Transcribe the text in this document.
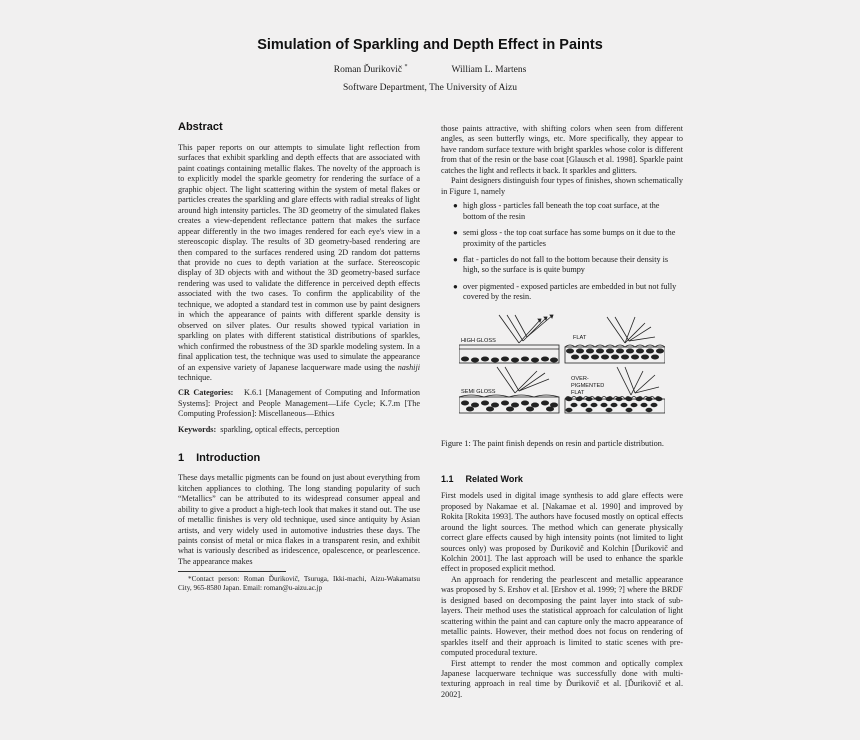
Simulation of Sparkling and Depth Effect in Paints
Roman Ďurikovič *	William L. Martens
Software Department, The University of Aizu
Abstract

This paper reports on our attempts to simulate light reflection from surfaces that exhibit sparkling and depth effects that are associated with paint coatings containing metallic flakes. The novelty of the approach is to explicitly model the sparkle geometry for rendering the surface of a graphic object. The light scattering within the system of metal flakes or particles creates the sparkling and glare effects with radial streaks of light around high intensity particles. The 3D geometry of the simulated flakes creates a view-dependent reflectance pattern that makes the surface appear differently in the two images rendered for each eye's view in a stereoscopic display. The results of 3D geometry-based rendering are then compared to the surfaces rendered using 2D random dot patterns that provide no cues to depth variation at the surface. Stereoscopic display of 3D objects with and without the 3D geometry-based surface rendering was used to validate the difference in perceived depth effects associated with the two cases. To confirm the applicability of the technique, we adopted a standard test in common use by paint designers in which the appearance of paints with different sparkle density is observed on silver plates. Our results showed typical variation in sparkling on plates with different statistical distributions of sparkles, which confirmed the robustness of the 3D sparkle modeling system. In a final application test, the technique was used to simulate the appearance of an expensive variety of Japanese lacquerware made using the nashiji technique.

CR Categories: K.6.1 [Management of Computing and Information Systems]: Project and People Management—Life Cycle; K.7.m [The Computing Profession]: Miscellaneous—Ethics

Keywords: sparkling, optical effects, perception

1 Introduction

These days metallic pigments can be found on just about everything from kitchen appliances to clothing. The long standing popularity of such “Metallics” can be attributed to its widespread consumer appeal and ability to give a product a high-tech look that makes it stand out. The use of metallic finishes is very old technique, used since antiquity by Asian artists, and very widely used in automotive industries these days. The paints consist of metal or mica flakes in a transparent resin, and exhibit what is variously described as iridescence, opalescence, or pearlescence. The appearance makes

*Contact person: Roman Ďurikovič, Tsuruga, Ikki-machi, Aizu-Wakamatsu City, 965-8580 Japan. Email: roman@u-aizu.ac.jp

those paints attractive, with shifting colors when seen from different angles, as seen butterfly wings, etc. More specifically, they appear to have random surface texture with bright sparkles whose color is different from that of the resin or the base coat [Glausch et al. 1998]. Sparkle paint catches the light and reflects it back. It sparkles and glitters.

Paint designers distinguish four types of finishes, shown schematically in Figure 1, namely

● high gloss - particles fall beneath the top coat surface, at the bottom of the resin
● semi gloss - the top coat surface has some bumps on it due to the proximity of the particles
● flat - particles do not fall to the bottom because their density is high, so the surface is is quite bumpy
● over pigmented - exposed particles are embedded in but not fully covered by the resin.
HIGH GLOSS	FLAT
SEMI GLOSS
OVER-
PIGMENTED
FLAT

Figure 1: The paint finish depends on resin and particle distribution.

1.1 Related Work

First models used in digital image synthesis to add glare effects were proposed by Nakamae et al. [Nakamae et al. 1990] and improved by Rokita [Rokita 1993]. The authors have focused mostly on optical effects around the light sources. The method which can generate physically correct glare effects caused by high intensity points (not limited to light sources only) was proposed by Ďurikovič and Kolchin [Ďurikovič and Kolchin 2001]. The last approach will be used to enhance the sparkle effect in proposed explicit method.

An approach for rendering the pearlescent and metallic appearance was proposed by S. Ershov et al. [Ershov et al. 1999; ?] where the BRDF is designed based on decomposing the paint layer into stack of sub-layers. Their method uses the statistical approach for calculation of light scattering within the paint and can capture only the macro appearance of metallic paints. However, their method does not focus on rendering of sparkles itself and their approach is limited to static scenes with pre-computed procedural texture.

First attempt to render the most common and optically complex Japanese lacquerware technique was successfully done with multi-texturing approach in real time by Ďurikovič et al. [Ďurikovič et al. 2002].
